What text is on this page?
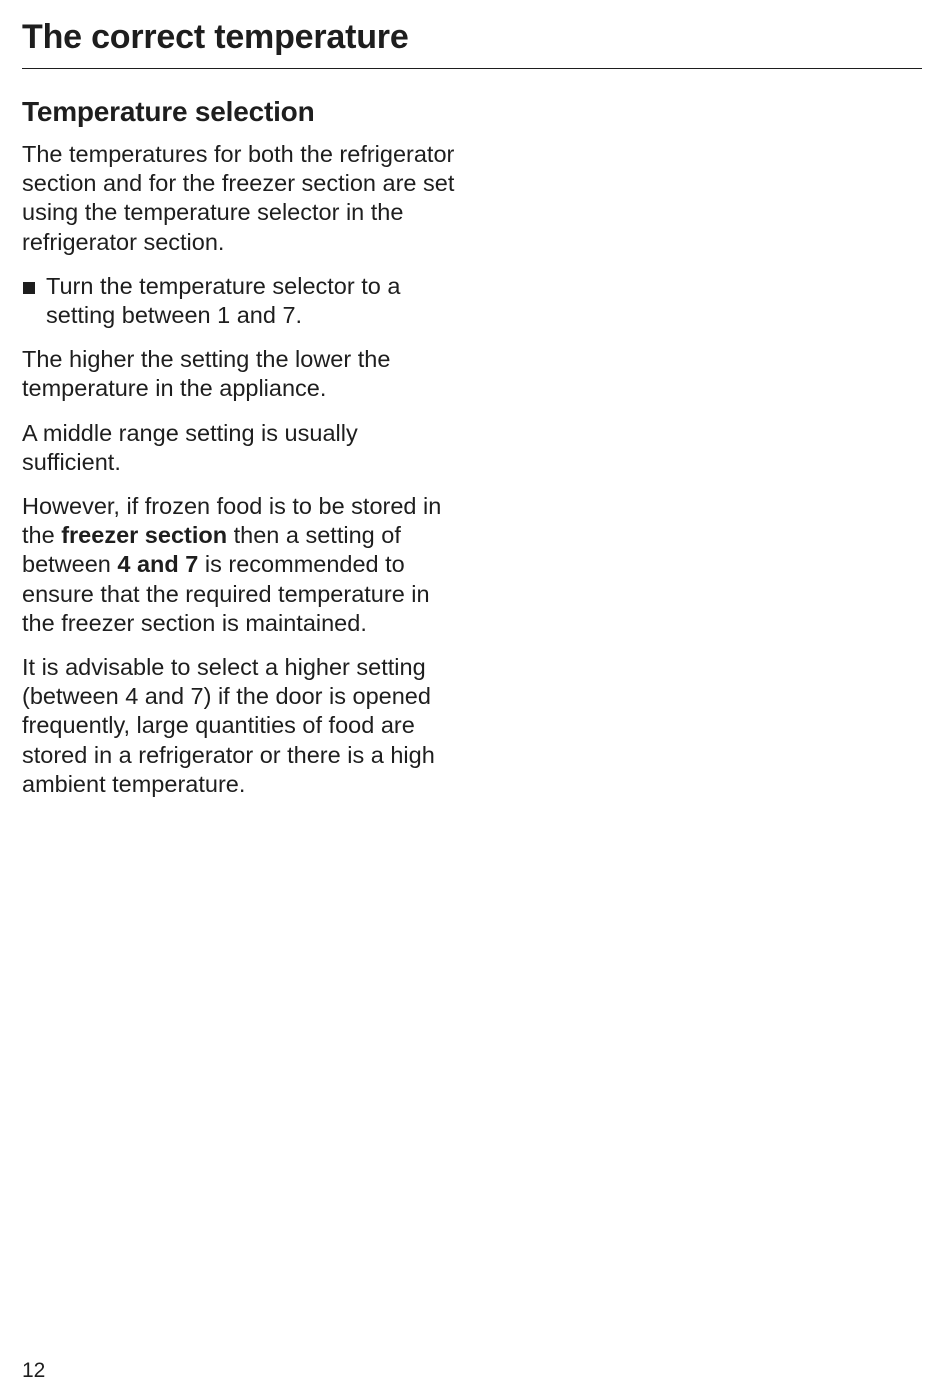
The correct temperature
Temperature selection

The temperatures for both the refrigerator section and for the freezer section are set using the temperature selector in the refrigerator section.

Turn the temperature selector to a setting between 1 and 7.

The higher the setting the lower the temperature in the appliance.

A middle range setting is usually sufficient.

However, if frozen food is to be stored in the freezer section then a setting of between 4 and 7 is recommended to ensure that the required temperature in the freezer section is maintained.

It is advisable to select a higher setting (between 4 and 7) if the door is opened frequently, large quantities of food are stored in a refrigerator or there is a high ambient temperature.

12
